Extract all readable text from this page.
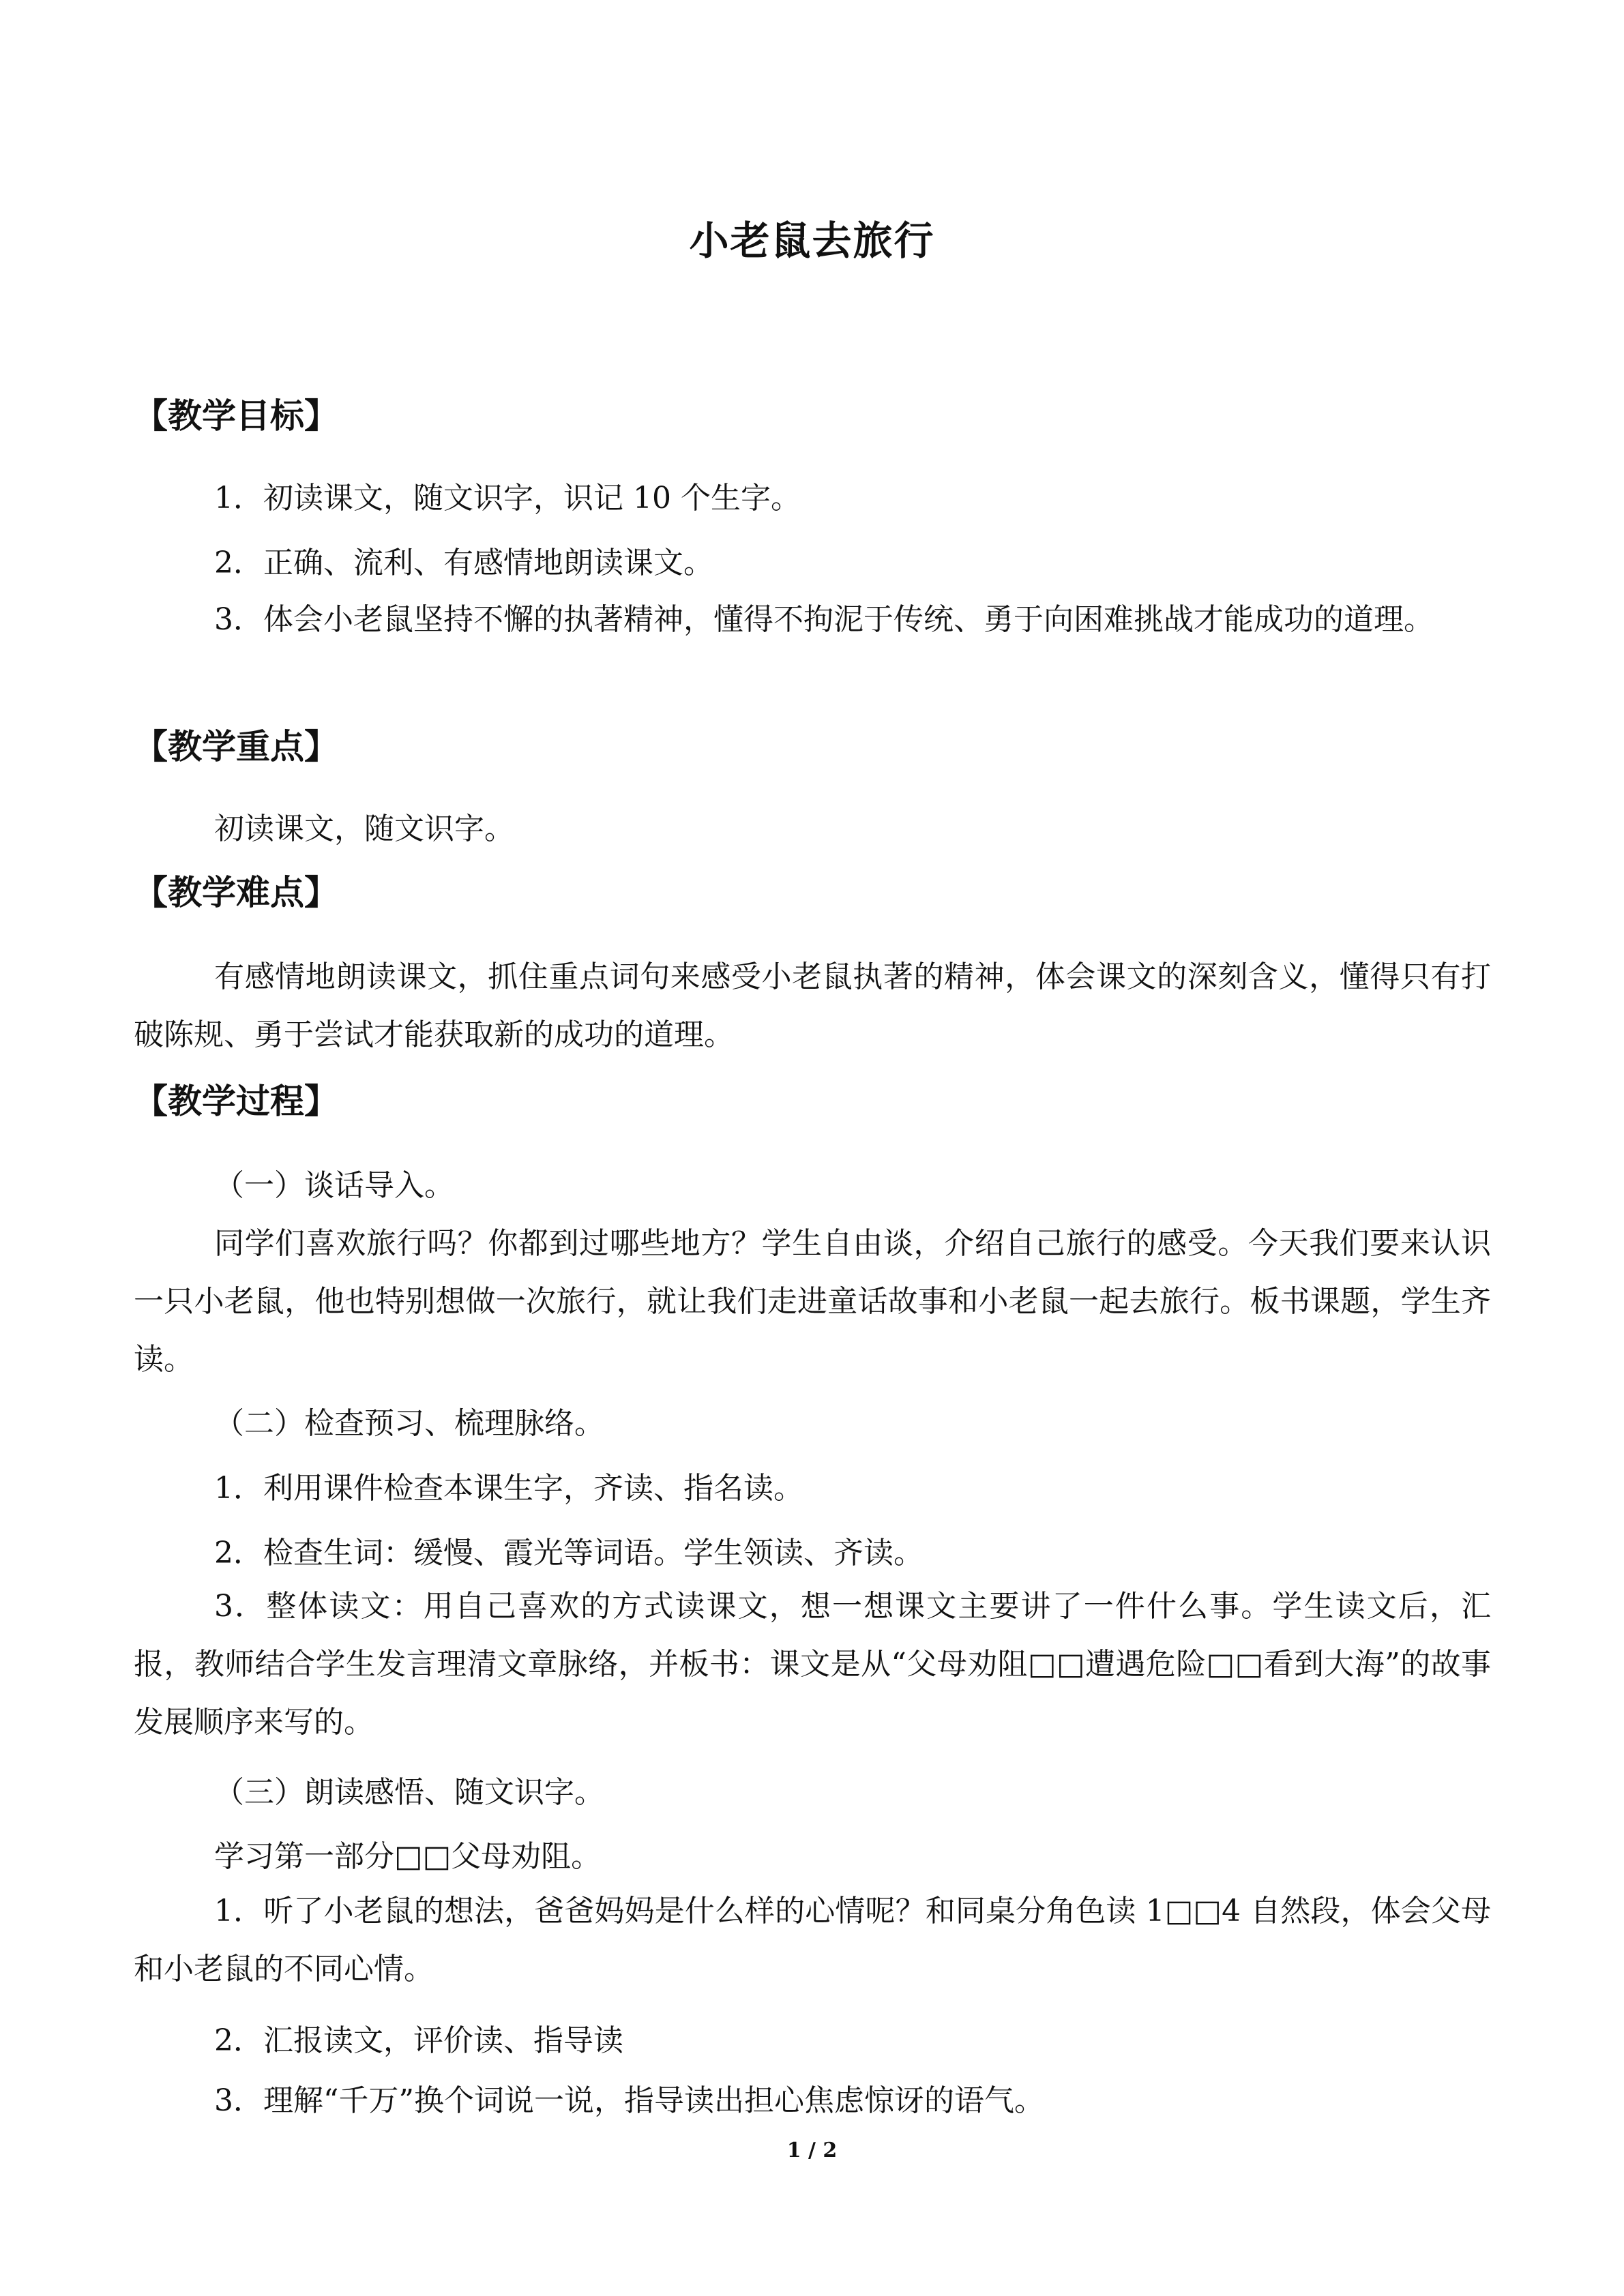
小老鼠去旅行
【教学目标】

1．初读课文，随文识字，识记 10 个生字。

2．正确、流利、有感情地朗读课文。

3．体会小老鼠坚持不懈的执著精神，懂得不拘泥于传统、勇于向困难挑战才能成功的道理。

【教学重点】

初读课文，随文识字。

【教学难点】

有感情地朗读课文，抓住重点词句来感受小老鼠执著的精神，体会课文的深刻含义，懂得只有打破陈规、勇于尝试才能获取新的成功的道理。

【教学过程】

（一）谈话导入。

同学们喜欢旅行吗？你都到过哪些地方？学生自由谈，介绍自己旅行的感受。今天我们要来认识一只小老鼠，他也特别想做一次旅行，就让我们走进童话故事和小老鼠一起去旅行。板书课题，学生齐读。

（二）检查预习、梳理脉络。

1．利用课件检查本课生字，齐读、指名读。

2．检查生词：缓慢、霞光等词语。学生领读、齐读。

3．整体读文：用自己喜欢的方式读课文，想一想课文主要讲了一件什么事。学生读文后，汇报，教师结合学生发言理清文章脉络，并板书：课文是从“父母劝阻□□遭遇危险□□看到大海”的故事发展顺序来写的。

（三）朗读感悟、随文识字。

学习第一部分□□父母劝阻。

1．听了小老鼠的想法，爸爸妈妈是什么样的心情呢？和同桌分角色读 1□□4 自然段，体会父母和小老鼠的不同心情。

2．汇报读文，评价读、指导读

3．理解“千万”换个词说一说，指导读出担心焦虑惊讶的语气。

1 / 2
